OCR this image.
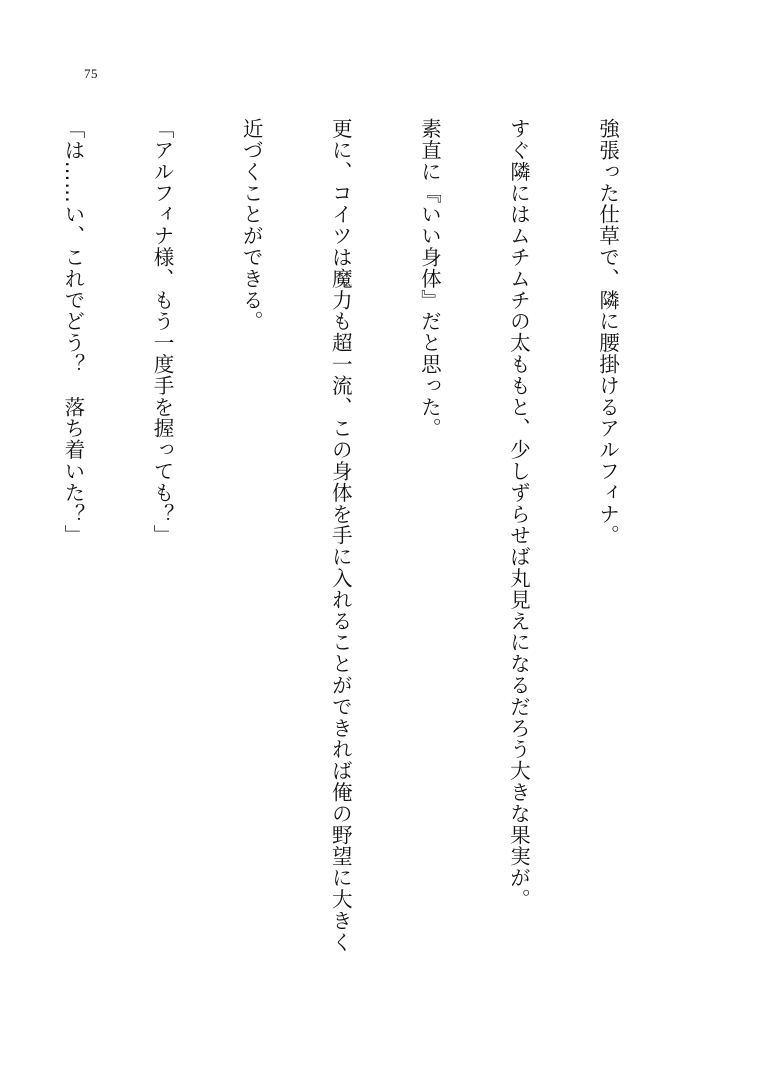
75

強張った仕草で、隣に腰掛けるアルフィナ。

すぐ隣にはムチムチの太ももと、少しずらせば丸見えになるだろう大きな果実が。

素直に『いい身体』だと思った。

更に、コイツは魔力も超一流、この身体を手に入れることができれば俺の野望に大きく

近づくことができる。

「アルフィナ様、もう一度手を握っても？」

「は……い、これでどう？　落ち着いた？」
